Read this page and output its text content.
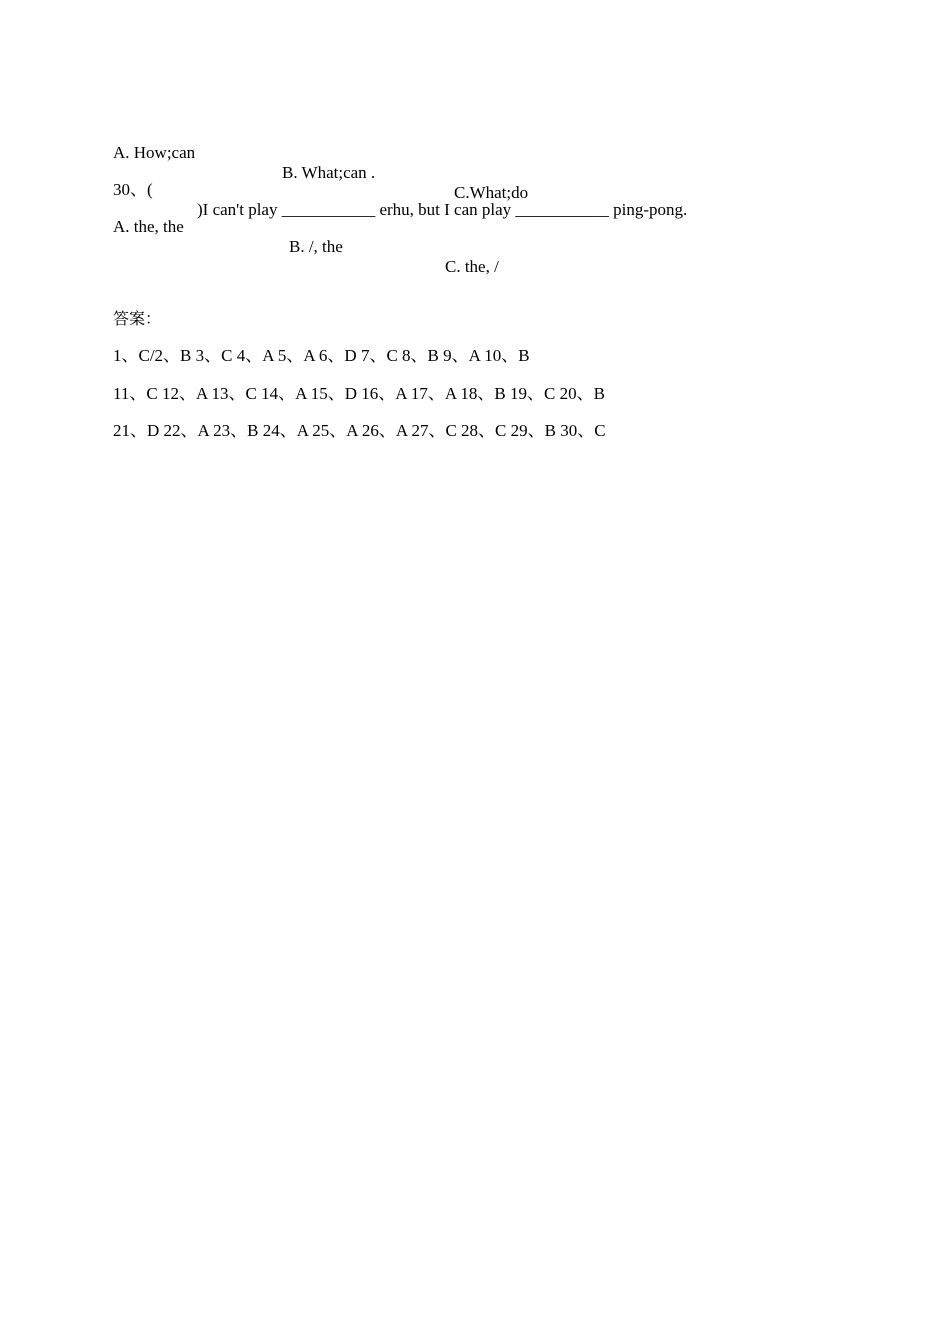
A. How;can

B. What;can .

C.What;do

30、(

)I can't play ___________ erhu, but I can play ___________ ping-pong.

A. the, the

B. /, the

C. the, /

答案：
1、C/2、B 3、C 4、A 5、A 6、D 7、C 8、B 9、A 10、B
11、C 12、A 13、C 14、A 15、D 16、A 17、A 18、B 19、C 20、B
21、D 22、A 23、B 24、A 25、A 26、A 27、C 28、C 29、B 30、C
